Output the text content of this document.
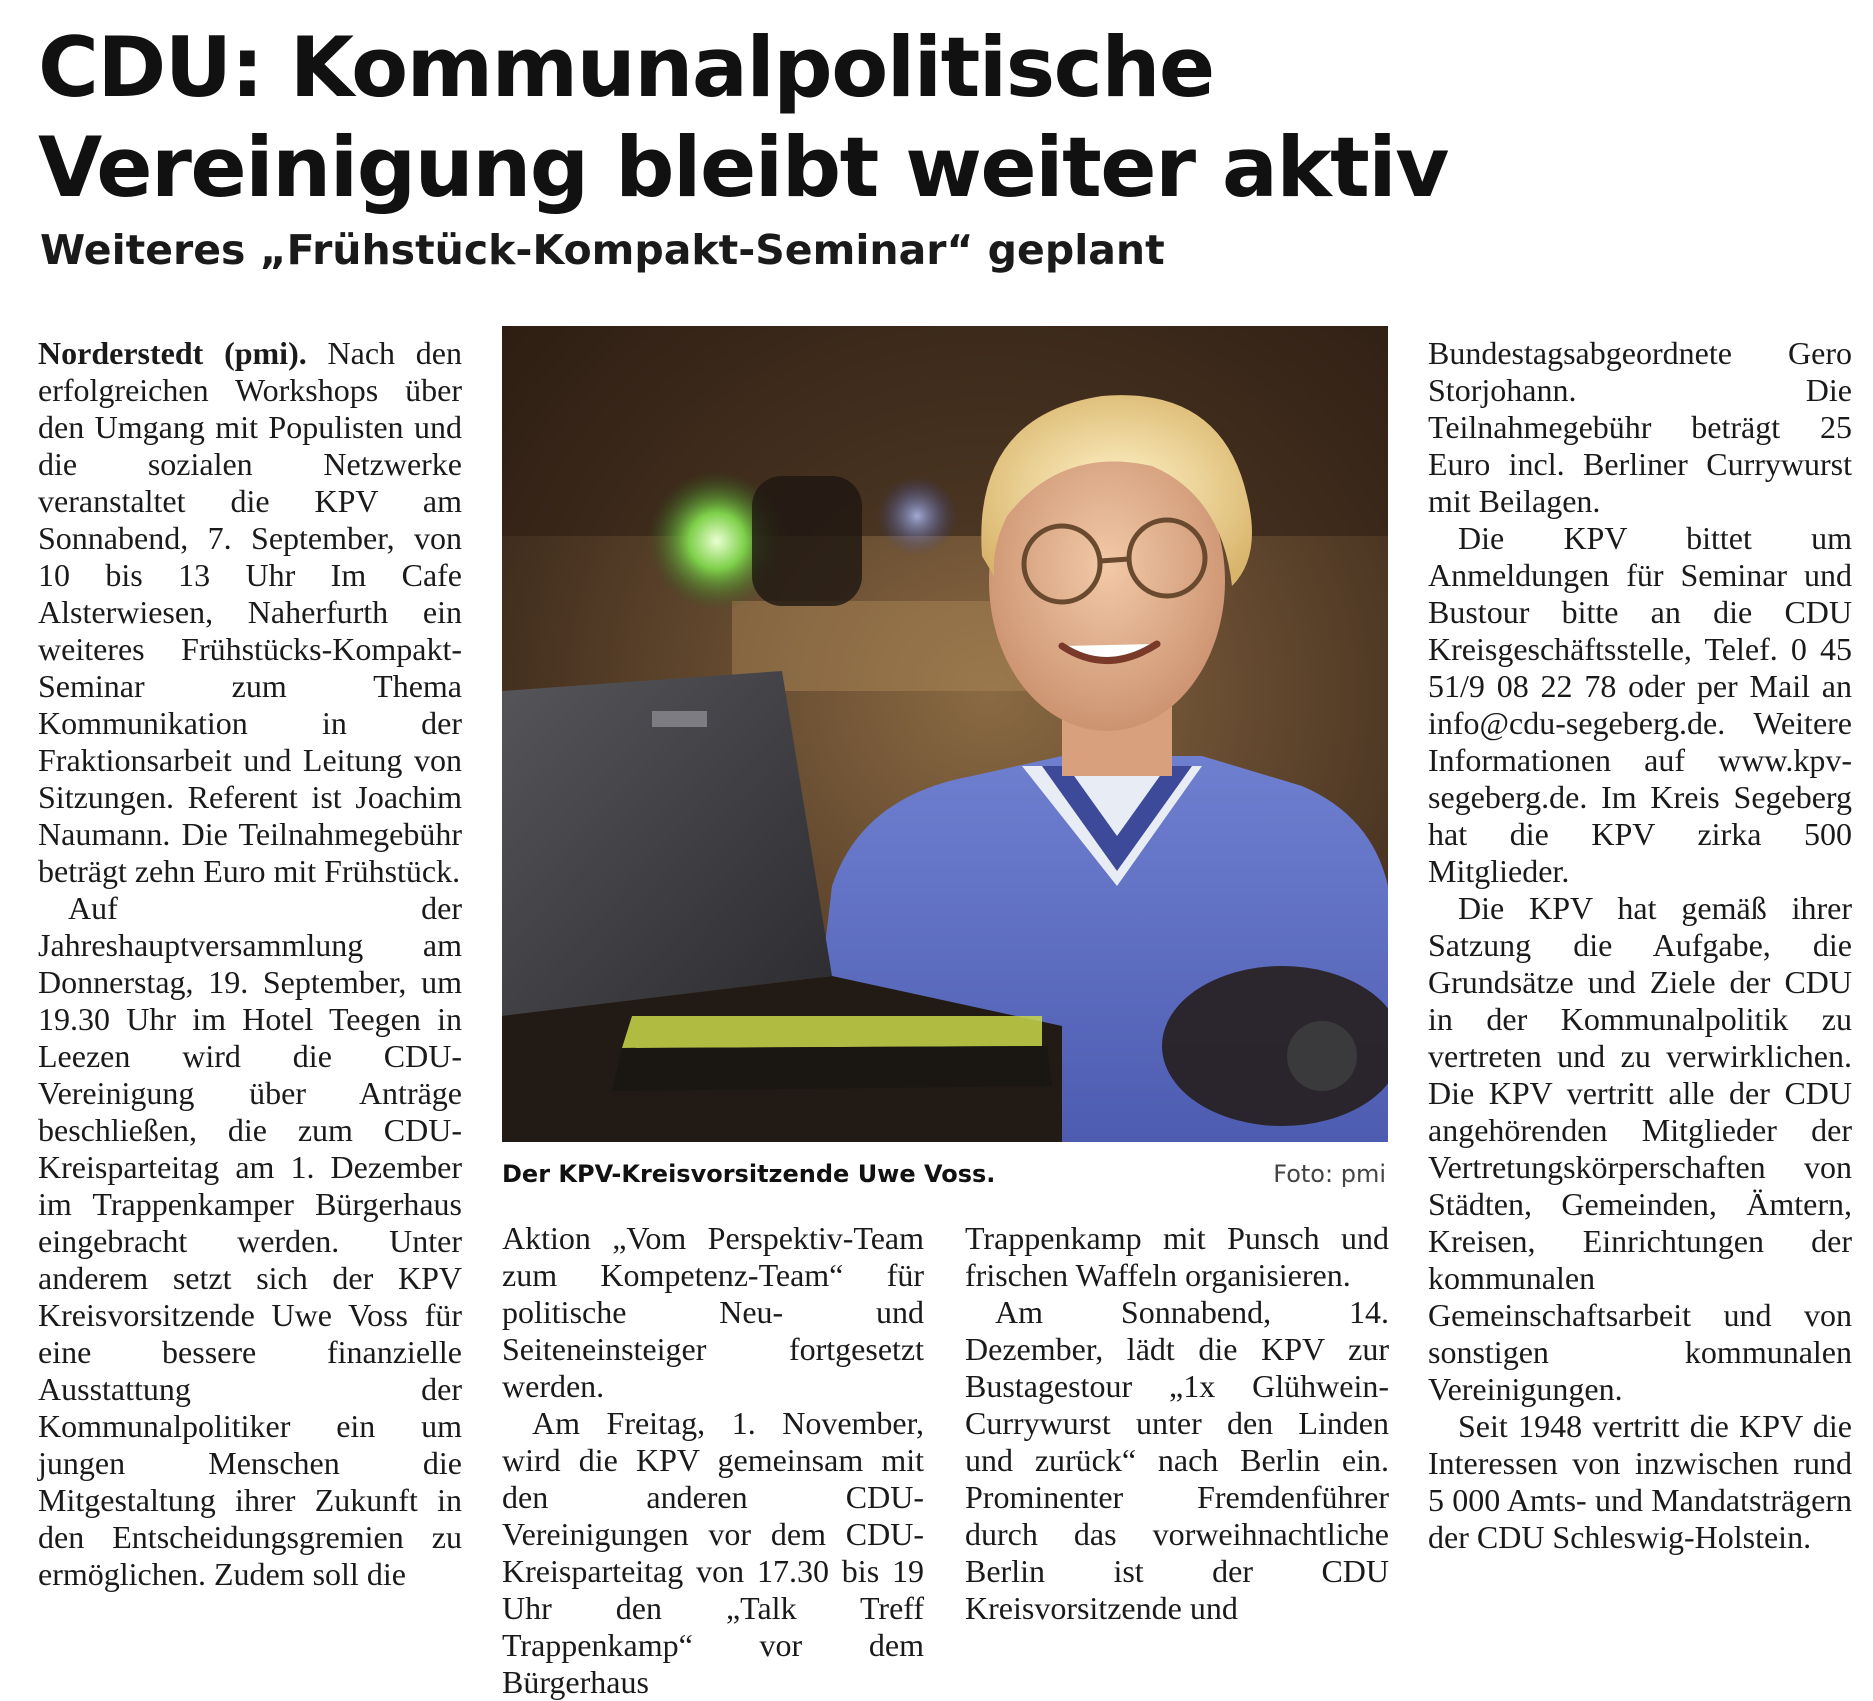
CDU: Kommunalpolitische
Vereinigung bleibt weiter aktiv
Weiteres „Frühstück-Kompakt-Seminar“ geplant

Norderstedt (pmi). Nach den erfolgreichen Workshops über den Umgang mit Populisten und die sozialen Netzwerke veranstaltet die KPV am Sonnabend, 7. September, von 10 bis 13 Uhr Im Cafe Alsterwiesen, Naherfurth ein weiteres Frühstücks-Kompakt-Seminar zum Thema Kommunikation in der Fraktionsarbeit und Leitung von Sitzungen. Referent ist Joachim Naumann. Die Teilnahmegebühr beträgt zehn Euro mit Frühstück.

Auf der Jahreshauptversammlung am Donnerstag, 19. September, um 19.30 Uhr im Hotel Teegen in Leezen wird die CDU-Vereinigung über Anträge beschließen, die zum CDU-Kreisparteitag am 1. Dezember im Trappenkamper Bürgerhaus eingebracht werden. Unter anderem setzt sich der KPV Kreisvorsitzende Uwe Voss für eine bessere finanzielle Ausstattung der Kommunalpolitiker ein um jungen Menschen die Mitgestaltung ihrer Zukunft in den Entscheidungsgremien zu ermöglichen. Zudem soll die

Der KPV-Kreisvorsitzende Uwe Voss.	Foto: pmi

Aktion „Vom Perspektiv-Team zum Kompetenz-Team“ für politische Neu- und Seiteneinsteiger fortgesetzt werden.

Am Freitag, 1. November, wird die KPV gemeinsam mit den anderen CDU-Vereinigungen vor dem CDU-Kreisparteitag von 17.30 bis 19 Uhr den „Talk Treff Trappenkamp“ vor dem Bürgerhaus

Trappenkamp mit Punsch und frischen Waffeln organisieren.

Am Sonnabend, 14. Dezember, lädt die KPV zur Bustagestour „1x Glühwein-Currywurst unter den Linden und zurück“ nach Berlin ein. Prominenter Fremdenführer durch das vorweihnachtliche Berlin ist der CDU Kreisvorsitzende und

Bundestagsabgeordnete Gero Storjohann. Die Teilnahmegebühr beträgt 25 Euro incl. Berliner Currywurst mit Beilagen.

Die KPV bittet um Anmeldungen für Seminar und Bustour bitte an die CDU Kreisgeschäftsstelle, Telef. 0 45 51/9 08 22 78 oder per Mail an info@cdu-segeberg.de. Weitere Informationen auf www.kpv-segeberg.de. Im Kreis Segeberg hat die KPV zirka 500 Mitglieder.

Die KPV hat gemäß ihrer Satzung die Aufgabe, die Grundsätze und Ziele der CDU in der Kommunalpolitik zu vertreten und zu verwirklichen. Die KPV vertritt alle der CDU angehörenden Mitglieder der Vertretungskörperschaften von Städten, Gemeinden, Ämtern, Kreisen, Einrichtungen der kommunalen Gemeinschaftsarbeit und von sonstigen kommunalen Vereinigungen.

Seit 1948 vertritt die KPV die Interessen von inzwischen rund 5 000 Amts- und Mandatsträgern der CDU Schleswig-Holstein.
